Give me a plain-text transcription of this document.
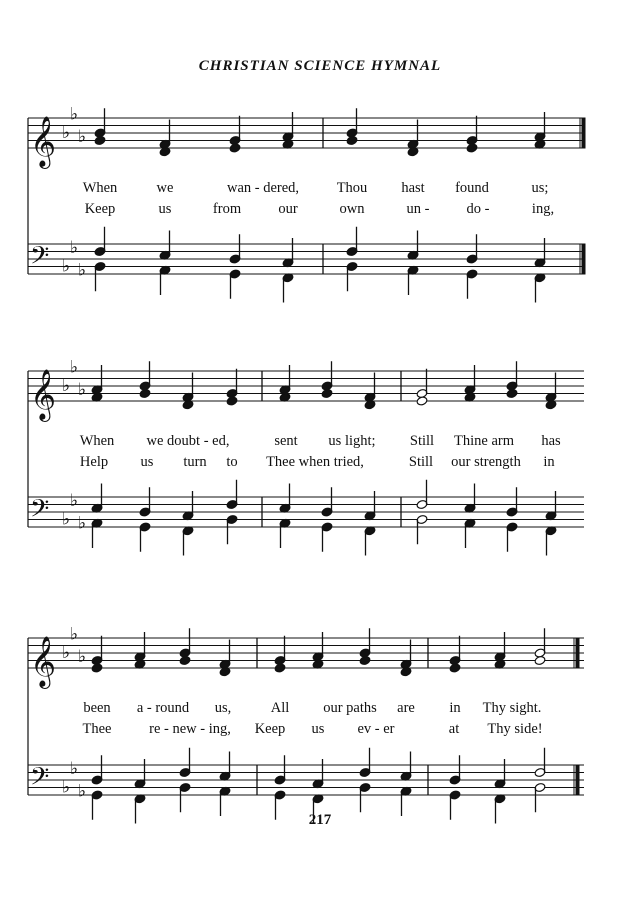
CHRISTIAN SCIENCE HYMNAL
𝄞
𝄢
♭
♭
♭
♭
♭
♭
𝄞
𝄢
♭
♭
♭
♭
♭
♭
𝄞
𝄢
♭
♭
♭
♭
♭
♭
When	we	wan - dered,	Thou hast found	us;
Keep	us	from	our	own	un -	do -	ing,
When we doubt - ed,	sent us light; Still Thine arm has
Help us turn to Thee when tried,	Still our strength in
been a - round us,	All our paths are in Thy sight.
Thee	re - new - ing, Keep us ev - er	at Thy side!
217
